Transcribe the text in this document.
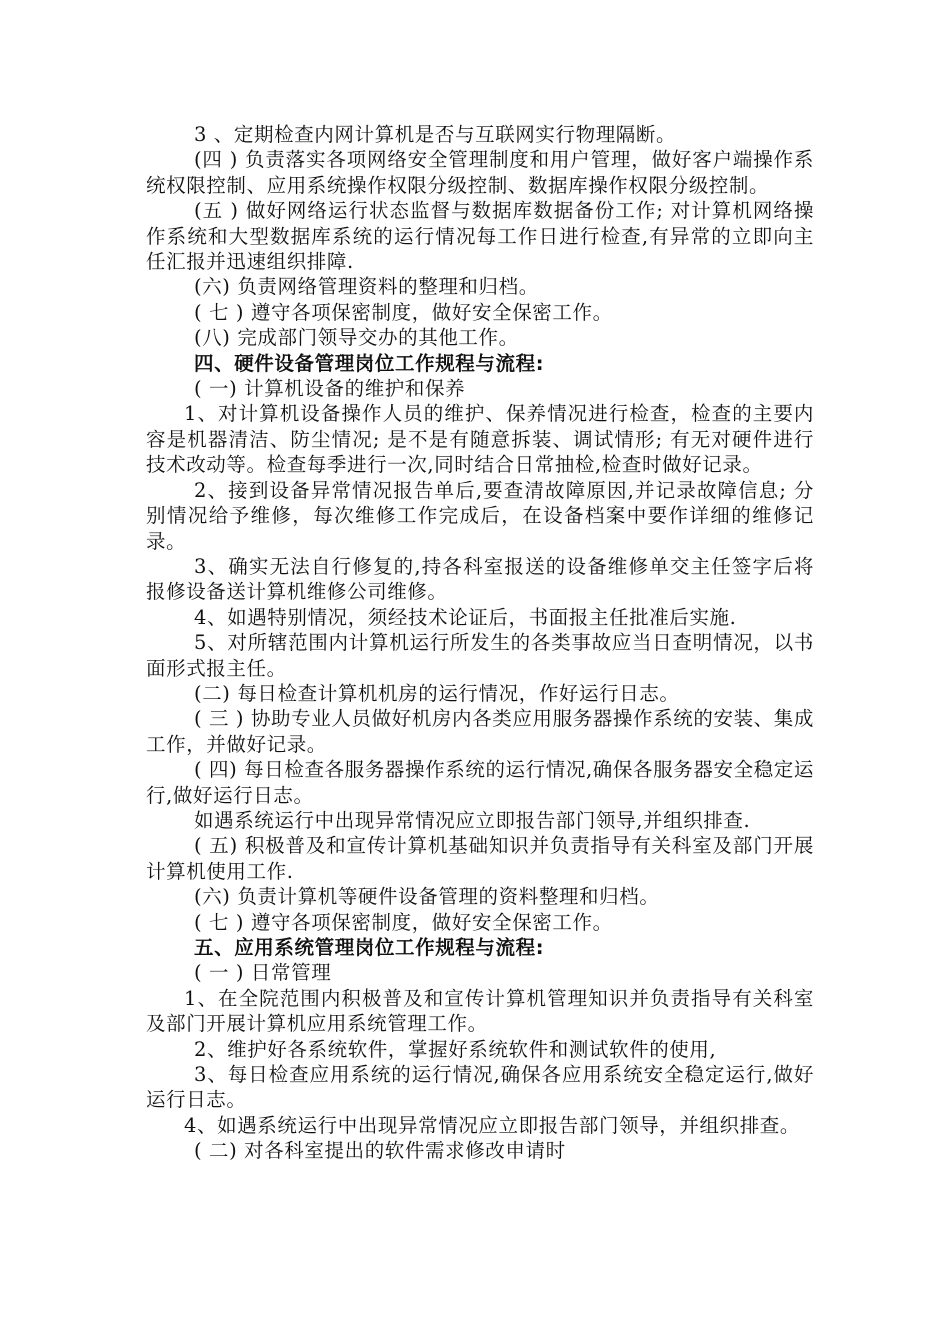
3 、定期检查内网计算机是否与互联网实行物理隔断。

(四 ) 负责落实各项网络安全管理制度和用户管理，做好客户端操作系统权限控制、应用系统操作权限分级控制、数据库操作权限分级控制。

(五 ) 做好网络运行状态监督与数据库数据备份工作; 对计算机网络操作系统和大型数据库系统的运行情况每工作日进行检查,有异常的立即向主任汇报并迅速组织排障.

(六) 负责网络管理资料的整理和归档。

( 七 ) 遵守各项保密制度，做好安全保密工作。

(八) 完成部门领导交办的其他工作。

四、硬件设备管理岗位工作规程与流程:

( 一) 计算机设备的维护和保养

1、对计算机设备操作人员的维护、保养情况进行检查，检查的主要内容是机器清洁、防尘情况; 是不是有随意拆装、调试情形; 有无对硬件进行技术改动等。检查每季进行一次,同时结合日常抽检,检查时做好记录。

2、接到设备异常情况报告单后,要查清故障原因,并记录故障信息; 分别情况给予维修，每次维修工作完成后，在设备档案中要作详细的维修记录。

3、确实无法自行修复的,持各科室报送的设备维修单交主任签字后将报修设备送计算机维修公司维修。

4、如遇特别情况，须经技术论证后，书面报主任批准后实施.

5、对所辖范围内计算机运行所发生的各类事故应当日查明情况，以书面形式报主任。

(二) 每日检查计算机机房的运行情况，作好运行日志。

( 三 ) 协助专业人员做好机房内各类应用服务器操作系统的安装、集成工作，并做好记录。

( 四) 每日检查各服务器操作系统的运行情况,确保各服务器安全稳定运行,做好运行日志。

如遇系统运行中出现异常情况应立即报告部门领导,并组织排查.

( 五) 积极普及和宣传计算机基础知识并负责指导有关科室及部门开展计算机使用工作.

(六) 负责计算机等硬件设备管理的资料整理和归档。

( 七 ) 遵守各项保密制度，做好安全保密工作。

五、应用系统管理岗位工作规程与流程:

( 一 ) 日常管理

1、在全院范围内积极普及和宣传计算机管理知识并负责指导有关科室及部门开展计算机应用系统管理工作。

2、维护好各系统软件，掌握好系统软件和测试软件的使用,

3、每日检查应用系统的运行情况,确保各应用系统安全稳定运行,做好运行日志。

4、如遇系统运行中出现异常情况应立即报告部门领导，并组织排查。

( 二) 对各科室提出的软件需求修改申请时
